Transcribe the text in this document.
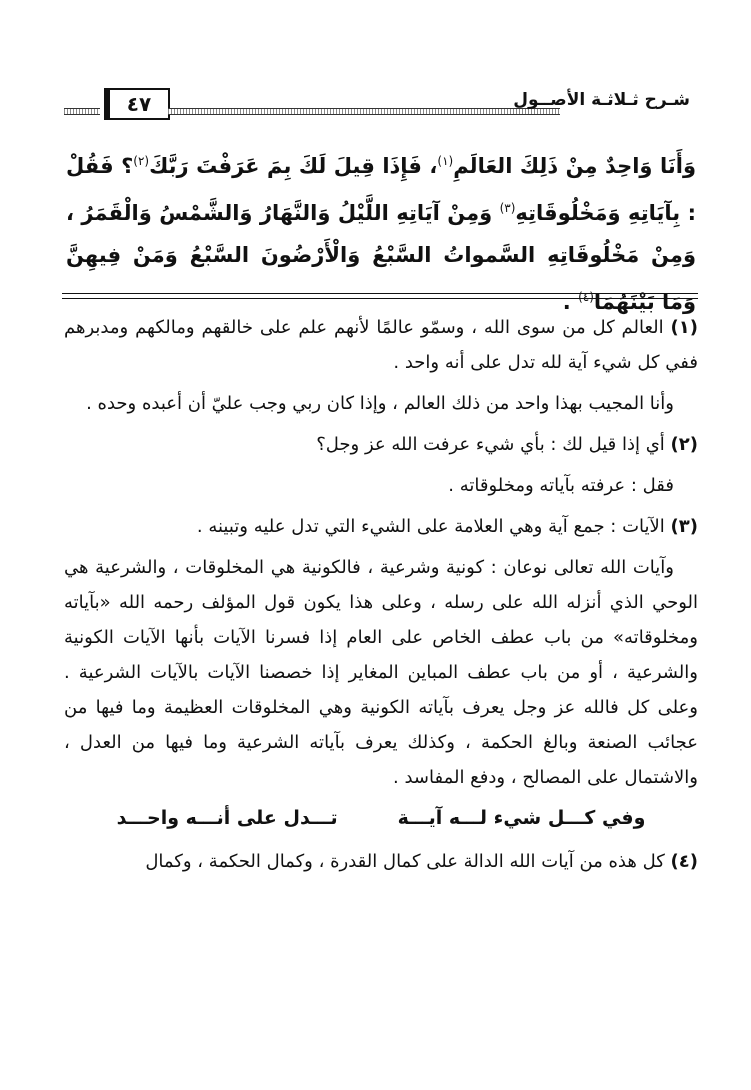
٤٧	شـرح ثـلاثـة الأصــول
وَأَنَا وَاحِدٌ مِنْ ذَلِكَ العَالَمِ$^{(١)}$، فَإِذَا قِيلَ لَكَ بِمَ عَرَفْتَ رَبَّكَ$^{(٢)}$؟ فَقُلْ : بِآيَاتِهِ وَمَخْلُوقَاتِهِ$^{(٣)}$ وَمِنْ آيَاتِهِ اللَّيْلُ وَالنَّهَارُ وَالشَّمْسُ وَالْقَمَرُ ، وَمِنْ مَخْلُوقَاتِهِ السَّمواتُ السَّبْعُ وَالْأَرْضُونَ السَّبْعُ وَمَنْ فِيهِنَّ وَمَا بَيْنَهُمَا$^{(٤)}$ .

(١) العالم كل من سوى الله ، وسمّو عالمًا لأنهم علم على خالقهم ومالكهم ومدبرهم ففي كل شيء آية لله تدل على أنه واحد .

وأنا المجيب بهذا واحد من ذلك العالم ، وإذا كان ربي وجب عليّ أن أعبده وحده .

(٢) أي إذا قيل لك : بأي شيء عرفت الله عز وجل؟

فقل : عرفته بآياته ومخلوقاته .

(٣) الآيات : جمع آية وهي العلامة على الشيء التي تدل عليه وتبينه .

وآيات الله تعالى نوعان : كونية وشرعية ، فالكونية هي المخلوقات ، والشرعية هي الوحي الذي أنزله الله على رسله ، وعلى هذا يكون قول المؤلف رحمه الله «بآياته ومخلوقاته» من باب عطف الخاص على العام إذا فسرنا الآيات بأنها الآيات الكونية والشرعية ، أو من باب عطف المباين المغاير إذا خصصنا الآيات بالآيات الشرعية . وعلى كل فالله عز وجل يعرف بآياته الكونية وهي المخلوقات العظيمة وما فيها من عجائب الصنعة وبالغ الحكمة ، وكذلك يعرف بآياته الشرعية وما فيها من العدل ، والاشتمال على المصالح ، ودفع المفاسد .

وفي كـــل شيء لـــه آيـــة
تـــدل على أنـــه واحـــد

(٤) كل هذه من آيات الله الدالة على كمال القدرة ، وكمال الحكمة ، وكمال
